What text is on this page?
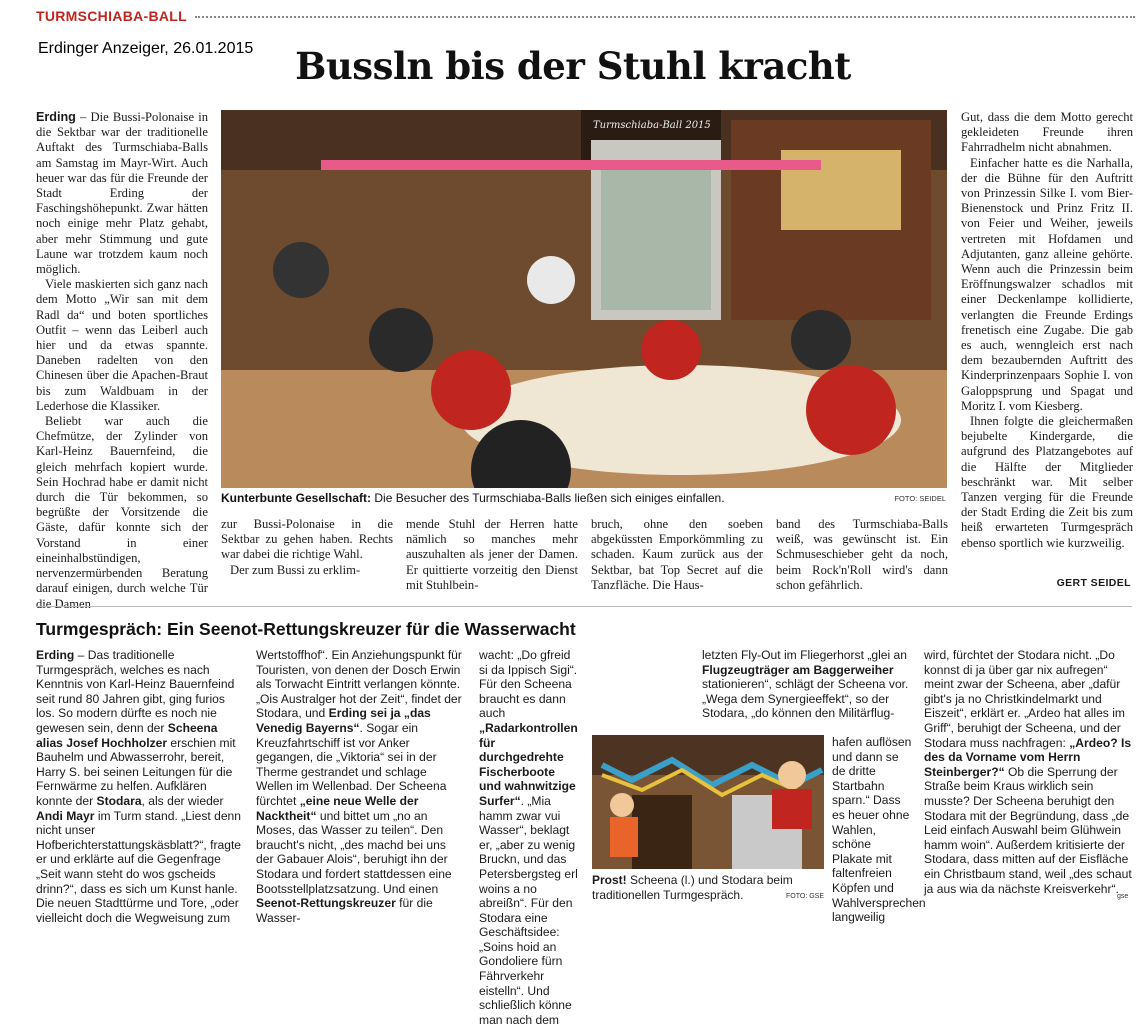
TURMSCHIABA-BALL
Erdinger Anzeiger, 26.01.2015	Bussln bis der Stuhl kracht

Erding – Die Bussi-Polonaise in die Sektbar war der traditionelle Auftakt des Turmschiaba-Balls am Samstag im Mayr-Wirt. Auch heuer war das für die Freunde der Stadt Erding der Faschingshöhepunkt. Zwar hätten noch einige mehr Platz gehabt, aber mehr Stimmung und gute Laune war trotzdem kaum noch möglich.

Viele maskierten sich ganz nach dem Motto „Wir san mit dem Radl da“ und boten sportliches Outfit – wenn das Leiberl auch hier und da etwas spannte. Daneben radelten von den Chinesen über die Apachen-Braut bis zum Waldbuam in der Lederhose die Klassiker.

Beliebt war auch die Chefmütze, der Zylinder von Karl-Heinz Bauernfeind, die gleich mehrfach kopiert wurde. Sein Hochrad habe er damit nicht durch die Tür bekommen, so begrüßte der Vorsitzende die Gäste, dafür konnte sich der Vorstand in einer eineinhalbstündigen, nervenzermürbenden Beratung darauf einigen, durch welche Tür die Damen

Turmschiaba-Ball 2015
Kunterbunte Gesellschaft: Die Besucher des Turmschiaba-Balls ließen sich einiges einfallen.	FOTO: SEIDEL

zur Bussi-Polonaise in die Sektbar zu gehen haben. Rechts war dabei die richtige Wahl.

Der zum Bussi zu erklim-

mende Stuhl der Herren hatte nämlich so manches mehr auszuhalten als jener der Damen. Er quittierte vorzeitig den Dienst mit Stuhlbein-

bruch, ohne den soeben abgeküssten Emporkömmling zu schaden. Kaum zurück aus der Sektbar, bat Top Secret auf die Tanzfläche. Die Haus-

band des Turmschiaba-Balls weiß, was gewünscht ist. Ein Schmuseschieber geht da noch, beim Rock'n'Roll wird's dann schon gefährlich.

Gut, dass die dem Motto gerecht gekleideten Freunde ihren Fahrradhelm nicht abnahmen.

Einfacher hatte es die Narhalla, der die Bühne für den Auftritt von Prinzessin Silke I. vom Bier-Bienenstock und Prinz Fritz II. von Feier und Weiher, jeweils vertreten mit Hofdamen und Adjutanten, ganz alleine gehörte. Wenn auch die Prinzessin beim Eröffnungswalzer schadlos mit einer Deckenlampe kollidierte, verlangten die Freunde Erdings frenetisch eine Zugabe. Die gab es auch, wenngleich erst nach dem bezaubernden Auftritt des Kinderprinzenpaars Sophie I. von Galoppsprung und Spagat und Moritz I. vom Kiesberg.

Ihnen folgte die gleichermaßen bejubelte Kindergarde, die aufgrund des Platzangebotes auf die Hälfte der Mitglieder beschränkt war. Mit selber Tanzen verging für die Freunde der Stadt Erding die Zeit bis zum heiß erwarteten Turmgespräch ebenso sportlich wie kurzweilig.

GERT SEIDEL
Turmgespräch: Ein Seenot-Rettungskreuzer für die Wasserwacht

Erding – Das traditionelle Turmgespräch, welches es nach Kenntnis von Karl-Heinz Bauernfeind seit rund 80 Jahren gibt, ging furios los. So modern dürfte es noch nie gewesen sein, denn der Scheena alias Josef Hochholzer erschien mit Bauhelm und Abwasserrohr, bereit, Harry S. bei seinen Leitungen für die Fernwärme zu helfen. Aufklären konnte der Stodara, als der wieder Andi Mayr im Turm stand. „Liest denn nicht unser Hofberichterstattungskäsblatt?“, fragte er und erklärte auf die Gegenfrage „Seit wann steht do wos gscheids drinn?“, dass es sich um Kunst hanle. Die neuen Stadttürme und Tore, „oder vielleicht doch die Wegweisung zum

Wertstoffhof“. Ein Anziehungspunkt für Touristen, von denen der Dosch Erwin als Torwacht Eintritt verlangen könnte. „Ois Australger hot der Zeit“, findet der Stodara, und Erding sei ja „das Venedig Bayerns“. Sogar ein Kreuzfahrtschiff ist vor Anker gegangen, die „Viktoria“ sei in der Therme gestrandet und schlage Wellen im Wellenbad. Der Scheena fürchtet „eine neue Welle der Nacktheit“ und bittet um „no an Moses, das Wasser zu teilen“. Den braucht's nicht, „des machd bei uns der Gabauer Alois“, beruhigt ihn der Stodara und fordert stattdessen eine Bootsstellplatzsatzung. Und einen Seenot-Rettungskreuzer für die Wasser-

wacht: „Do gfreid si da Ippisch Sigi“. Für den Scheena braucht es dann auch „Radarkontrollen für durchgedrehte Fischerboote und wahnwitzige Surfer“. „Mia hamm zwar vui Wasser“, beklagt er, „aber zu wenig Bruckn, und das Petersbergsteg erl woins a no abreißn“. Für den Stodara eine Geschäftsidee: „Soins hoid an Gondoliere fürn Fährverkehr eistelln“. Und schließlich könne man nach dem

letzten Fly-Out im Fliegerhorst „glei an Flugzeugträger am Baggerweiher stationieren“, schlägt der Scheena vor. „Wega dem Synergieeffekt“, so der Stodara, „do können den Militärflug-

hafen auflösen und dann se de dritte Startbahn sparn.“ Dass es heuer ohne Wahlen, schöne Plakate mit faltenfreien Köpfen und Wahlversprechen langweilig

wird, fürchtet der Stodara nicht. „Do konnst di ja über gar nix aufregen“ meint zwar der Scheena, aber „dafür gibt's ja no Christkindelmarkt und Eiszeit“, erklärt er. „Ardeo hat alles im Griff“, beruhigt der Scheena, und der Stodara muss nachfragen: „Ardeo? Is des da Vorname vom Herrn Steinberger?“ Ob die Sperrung der Straße beim Kraus wirklich sein musste? Der Scheena beruhigt den Stodara mit der Begründung, dass „de Leid einfach Auswahl beim Glühwein hamm woin“. Außerdem kritisierte der Stodara, dass mitten auf der Eisfläche ein Christbaum stand, weil „des schaut ja aus wia da nächste Kreisverkehr“.

Prost! Scheena (l.) und Stodara beim traditionellen Turmgespräch.	FOTO: GSE	gse
